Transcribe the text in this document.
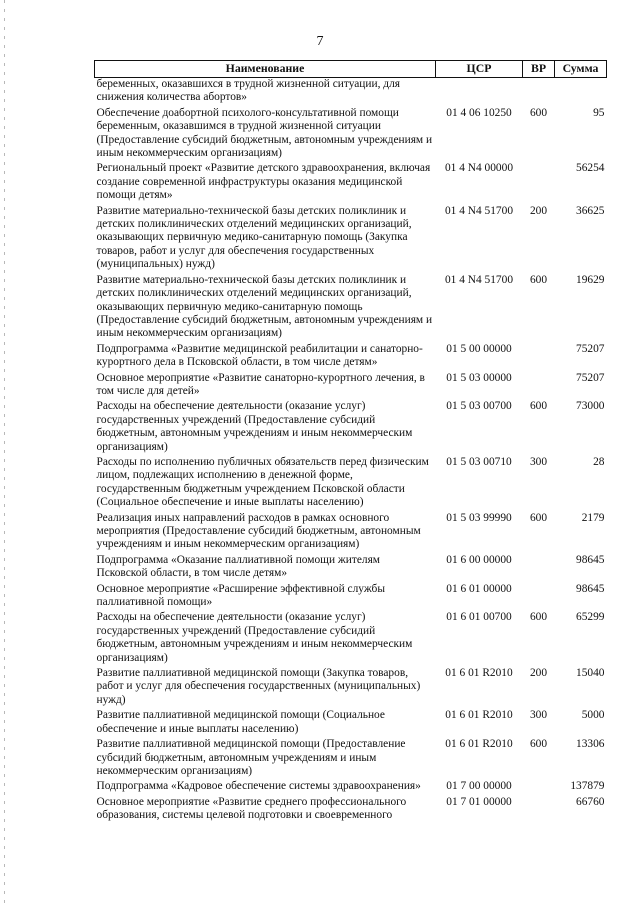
7
Наименование	ЦСР	ВР	Сумма
беременных, оказавшихся в трудной жизненной ситуации, для снижения количества абортов»			
Обеспечение доабортной психолого-консультативной помощи беременным, оказавшимся в трудной жизненной ситуации (Предоставление субсидий бюджетным, автономным учреждениям и иным некоммерческим организациям)	01 4 06 10250	600	95
Региональный проект «Развитие детского здравоохранения, включая создание современной инфраструктуры оказания медицинской помощи детям»	01 4 N4 00000		56254
Развитие материально-технической базы детских поликлиник и детских поликлинических отделений медицинских организаций, оказывающих первичную медико-санитарную помощь (Закупка товаров, работ и услуг для обеспечения государственных (муниципальных) нужд)	01 4 N4 51700	200	36625
Развитие материально-технической базы детских поликлиник и детских поликлинических отделений медицинских организаций, оказывающих первичную медико-санитарную помощь (Предоставление субсидий бюджетным, автономным учреждениям и иным некоммерческим организациям)	01 4 N4 51700	600	19629
Подпрограмма «Развитие медицинской реабилитации и санаторно-курортного дела в Псковской области, в том числе детям»	01 5 00 00000		75207
Основное мероприятие «Развитие санаторно-курортного лечения, в том числе для детей»	01 5 03 00000		75207
Расходы на обеспечение деятельности (оказание услуг) государственных учреждений (Предоставление субсидий бюджетным, автономным учреждениям и иным некоммерческим организациям)	01 5 03 00700	600	73000
Расходы по исполнению публичных обязательств перед физическим лицом, подлежащих исполнению в денежной форме, государственным бюджетным учреждением Псковской области (Социальное обеспечение и иные выплаты населению)	01 5 03 00710	300	28
Реализация иных направлений расходов в рамках основного мероприятия (Предоставление субсидий бюджетным, автономным учреждениям и иным некоммерческим организациям)	01 5 03 99990	600	2179
Подпрограмма «Оказание паллиативной помощи жителям Псковской области, в том числе детям»	01 6 00 00000		98645
Основное мероприятие «Расширение эффективной службы паллиативной помощи»	01 6 01 00000		98645
Расходы на обеспечение деятельности (оказание услуг) государственных учреждений (Предоставление субсидий бюджетным, автономным учреждениям и иным некоммерческим организациям)	01 6 01 00700	600	65299
Развитие паллиативной медицинской помощи (Закупка товаров, работ и услуг для обеспечения государственных (муниципальных) нужд)	01 6 01 R2010	200	15040
Развитие паллиативной медицинской помощи (Социальное обеспечение и иные выплаты населению)	01 6 01 R2010	300	5000
Развитие паллиативной медицинской помощи (Предоставление субсидий бюджетным, автономным учреждениям и иным некоммерческим организациям)	01 6 01 R2010	600	13306
Подпрограмма «Кадровое обеспечение системы здравоохранения»	01 7 00 00000		137879
Основное мероприятие «Развитие среднего профессионального образования, системы целевой подготовки и своевременного	01 7 01 00000		66760
